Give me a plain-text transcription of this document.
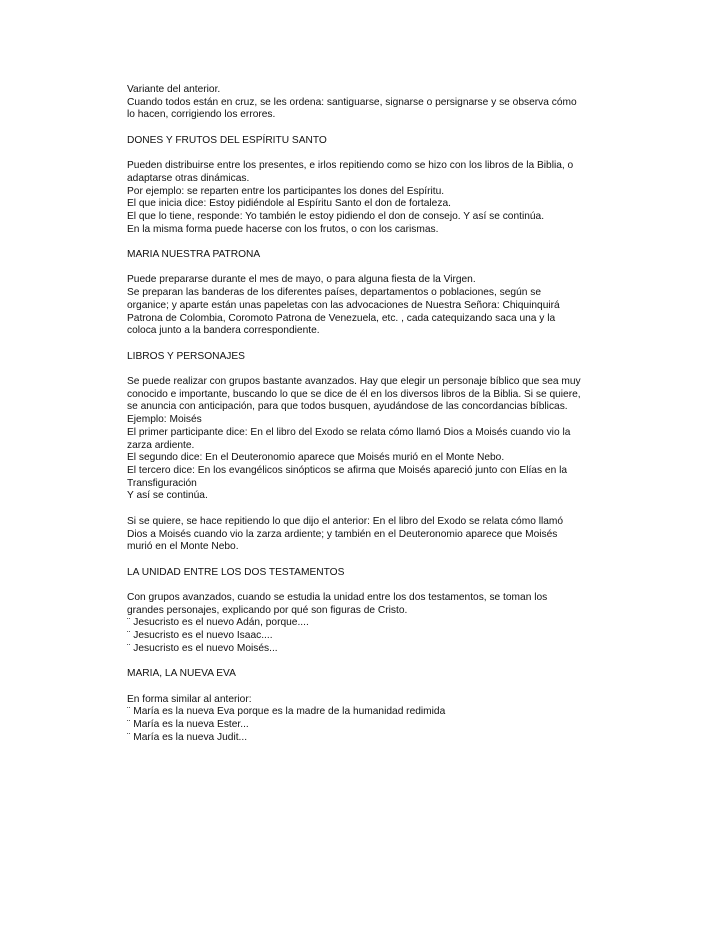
Variante del anterior.
Cuando todos están en cruz, se les ordena: santiguarse, signarse o persignarse y se observa cómo
lo hacen, corrigiendo los errores.
DONES Y FRUTOS DEL ESPÍRITU SANTO
Pueden distribuirse entre los presentes, e irlos repitiendo como se hizo con los libros de la Biblia, o
adaptarse otras dinámicas.
Por ejemplo: se reparten entre los participantes los dones del Espíritu.
El que inicia dice: Estoy pidiéndole al Espíritu Santo el don de fortaleza.
El que lo tiene, responde: Yo también le estoy pidiendo el don de consejo. Y así se continúa.
En la misma forma puede hacerse con los frutos, o con los carismas.
MARIA NUESTRA PATRONA
Puede prepararse durante el mes de mayo, o para alguna fiesta de la Virgen.
Se preparan las banderas de los diferentes países, departamentos o poblaciones, según se
organice; y aparte están unas papeletas con las advocaciones de Nuestra Señora: Chiquinquirá
Patrona de Colombia, Coromoto Patrona de Venezuela, etc. , cada catequizando saca una y la
coloca junto a la bandera correspondiente.
LIBROS Y PERSONAJES
Se puede realizar con grupos bastante avanzados. Hay que elegir un personaje bíblico que sea muy
conocido e importante, buscando lo que se dice de él en los diversos libros de la Biblia. Si se quiere,
se anuncia con anticipación, para que todos busquen, ayudándose de las concordancias bíblicas.
Ejemplo: Moisés
El primer participante dice: En el libro del Exodo se relata cómo llamó Dios a Moisés cuando vio la
zarza ardiente.
El segundo dice: En el Deuteronomio aparece que Moisés murió en el Monte Nebo.
El tercero dice: En los evangélicos sinópticos se afirma que Moisés apareció junto con Elías en la
Transfiguración
Y así se continúa.
Si se quiere, se hace repitiendo lo que dijo el anterior: En el libro del Exodo se relata cómo llamó
Dios a Moisés cuando vio la zarza ardiente; y también en el Deuteronomio aparece que Moisés
murió en el Monte Nebo.
LA UNIDAD ENTRE LOS DOS TESTAMENTOS
Con grupos avanzados, cuando se estudia la unidad entre los dos testamentos, se toman los
grandes personajes, explicando por qué son figuras de Cristo.
¨ Jesucristo es el nuevo Adán, porque....
¨ Jesucristo es el nuevo Isaac....
¨ Jesucristo es el nuevo Moisés...
MARIA, LA NUEVA EVA
En forma similar al anterior:
¨ María es la nueva Eva porque es la madre de la humanidad redimida
¨ María es la nueva Ester...
¨ María es la nueva Judit...
